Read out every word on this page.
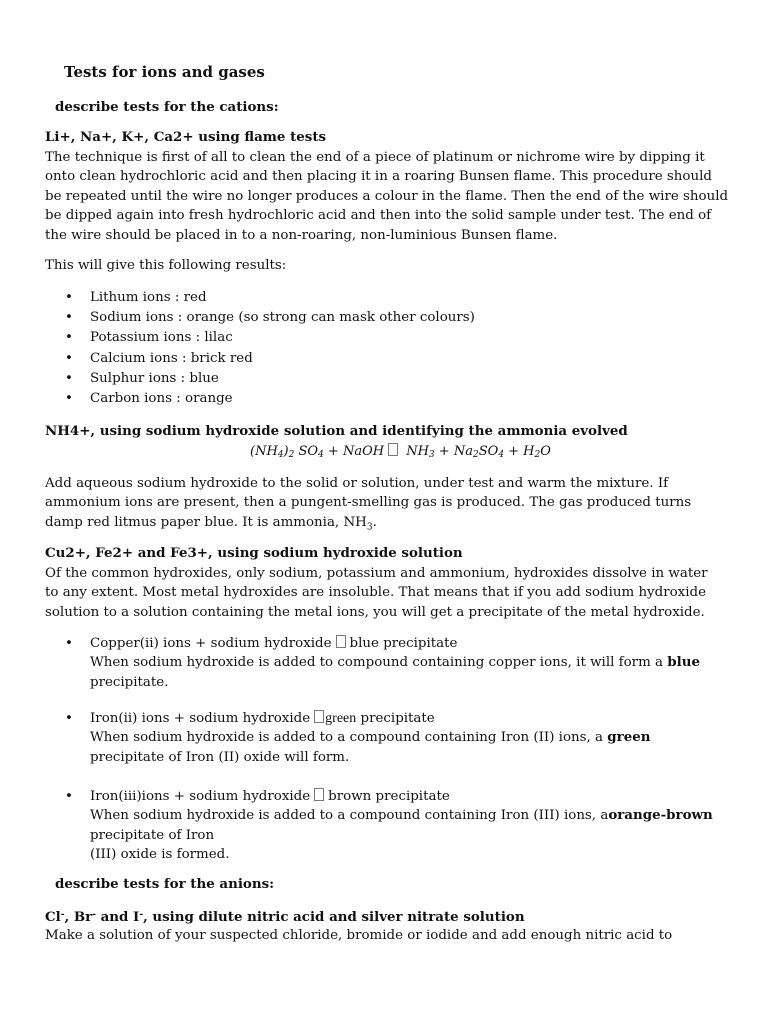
Tests for ions and gases
describe tests for the cations:
Li+, Na+, K+, Ca2+ using flame tests
The technique is first of all to clean the end of a piece of platinum or nichrome wire by dipping it
onto clean hydrochloric acid and then placing it in a roaring Bunsen flame. This procedure should
be repeated until the wire no longer produces a colour in the flame. Then the end of the wire should
be dipped again into fresh hydrochloric acid and then into the solid sample under test. The end of
the wire should be placed in to a non-roaring, non-luminious Bunsen flame.
This will give this following results:
• Lithum ions : red
• Sodium ions : orange (so strong can mask other colours)
• Potassium ions : lilac
• Calcium ions : brick red
• Sulphur ions : blue
• Carbon ions : orange
NH4+, using sodium hydroxide solution and identifying the ammonia evolved
$(NH_4)_2$ $SO_4$ + NaOH $NH_3 + Na_2SO_4 + H_2O$
Add aqueous sodium hydroxide to the solid or solution, under test and warm the mixture. If
ammonium ions are present, then a pungent-smelling gas is produced. The gas produced turns
damp red litmus paper blue. It is ammonia, $NH_3$.
Cu2+, Fe2+ and Fe3+, using sodium hydroxide solution
Of the common hydroxides, only sodium, potassium and ammonium, hydroxides dissolve in water
to any extent. Most metal hydroxides are insoluble. That means that if you add sodium hydroxide
solution to a solution containing the metal ions, you will get a precipitate of the metal hydroxide.
• Copper(ii) ions + sodium hydroxide blue precipitate
When sodium hydroxide is added to compound containing copper ions, it will form a blue
precipitate.
• Iron(ii) ions + sodium hydroxide green precipitate
When sodium hydroxide is added to a compound containing Iron (II) ions, a green
precipitate of Iron (II) oxide will form.
• Iron(iii)ions + sodium hydroxide brown precipitate
When sodium hydroxide is added to a compound containing Iron (III) ions, aorange-brown
precipitate of Iron
(III) oxide is formed.
describe tests for the anions:
Cl-, Br- and I-, using dilute nitric acid and silver nitrate solution
Make a solution of your suspected chloride, bromide or iodide and add enough nitric acid to
